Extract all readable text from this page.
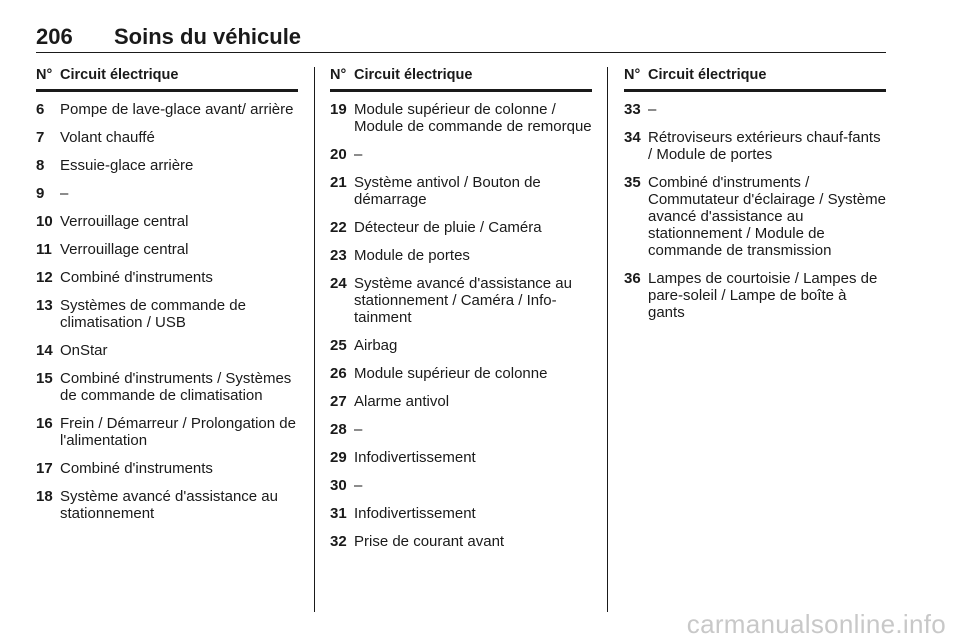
206	Soins du véhicule
N° Circuit électrique
6	Pompe de lave-glace avant/ arrière
7	Volant chauffé
8	Essuie-glace arrière
9	–
10 Verrouillage central
11 Verrouillage central
12 Combiné d'instruments
13 Systèmes de commande de climatisation / USB
14 OnStar
15 Combiné d'instruments / Systèmes de commande de climatisation
16 Frein / Démarreur / Prolongation de l'alimentation
17 Combiné d'instruments
18 Système avancé d'assistance au stationnement
N° Circuit électrique
19 Module supérieur de colonne / Module de commande de remorque
20 –
21 Système antivol / Bouton de démarrage
22 Détecteur de pluie / Caméra
23 Module de portes
24 Système avancé d'assistance au stationnement / Caméra / Info-tainment
25 Airbag
26 Module supérieur de colonne
27 Alarme antivol
28 –
29 Infodivertissement
30 –
31 Infodivertissement
32 Prise de courant avant
N° Circuit électrique
33 –
34 Rétroviseurs extérieurs chauf-fants / Module de portes
35 Combiné d'instruments / Commutateur d'éclairage / Système avancé d'assistance au stationnement / Module de commande de transmission
36 Lampes de courtoisie / Lampes de pare-soleil / Lampe de boîte à gants
carmanualsonline.info
